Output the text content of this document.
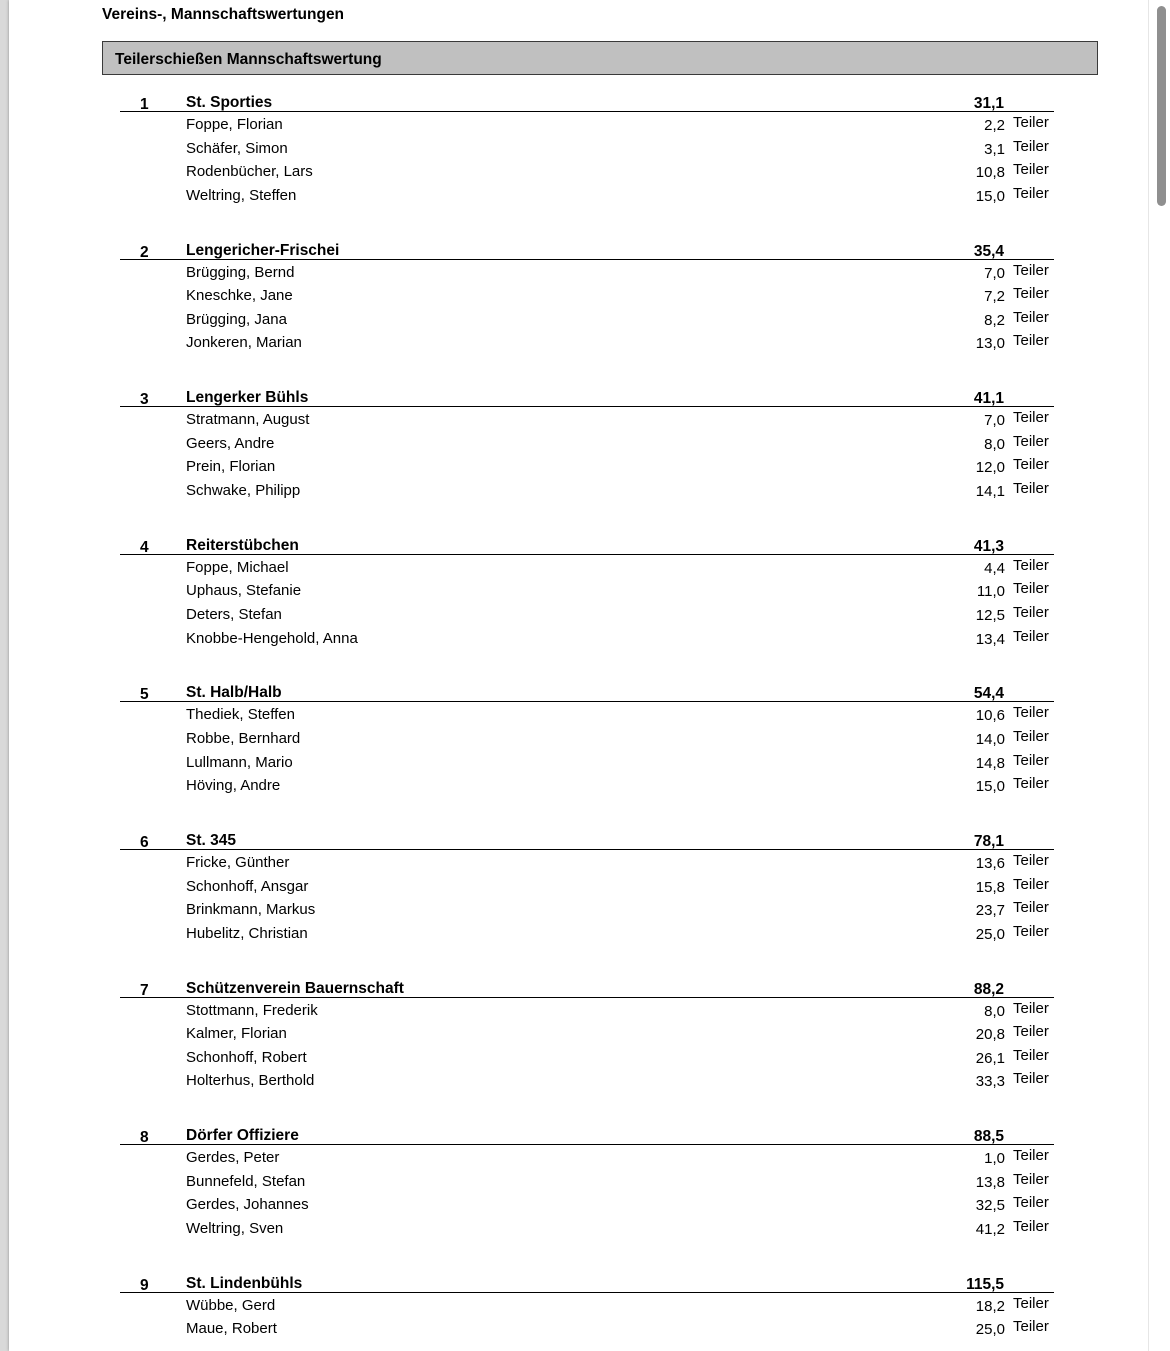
Vereins-, Mannschaftswertungen
Teilerschießen Mannschaftswertung
1 St. Sporties	31,1
Foppe, Florian	2,2 Teiler
Schäfer, Simon	3,1 Teiler
Rodenbücher, Lars	10,8 Teiler
Weltring, Steffen	15,0 Teiler
2 Lengericher-Frischei	35,4
Brügging, Bernd	7,0 Teiler
Kneschke, Jane	7,2 Teiler
Brügging, Jana	8,2 Teiler
Jonkeren, Marian	13,0 Teiler
3 Lengerker Bühls	41,1
Stratmann, August	7,0 Teiler
Geers, Andre	8,0 Teiler
Prein, Florian	12,0 Teiler
Schwake, Philipp	14,1 Teiler
4 Reiterstübchen	41,3
Foppe, Michael	4,4 Teiler
Uphaus, Stefanie	11,0 Teiler
Deters, Stefan	12,5 Teiler
Knobbe-Hengehold, Anna	13,4 Teiler
5 St. Halb/Halb	54,4
Thediek, Steffen	10,6 Teiler
Robbe, Bernhard	14,0 Teiler
Lullmann, Mario	14,8 Teiler
Höving, Andre	15,0 Teiler
6 St. 345	78,1
Fricke, Günther	13,6 Teiler
Schonhoff, Ansgar	15,8 Teiler
Brinkmann, Markus	23,7 Teiler
Hubelitz, Christian	25,0 Teiler
7 Schützenverein Bauernschaft	88,2
Stottmann, Frederik	8,0 Teiler
Kalmer, Florian	20,8 Teiler
Schonhoff, Robert	26,1 Teiler
Holterhus, Berthold	33,3 Teiler
8 Dörfer Offiziere	88,5
Gerdes, Peter	1,0 Teiler
Bunnefeld, Stefan	13,8 Teiler
Gerdes, Johannes	32,5 Teiler
Weltring, Sven	41,2 Teiler
9 St. Lindenbühls	115,5
Wübbe, Gerd	18,2 Teiler
Maue, Robert	25,0 Teiler
